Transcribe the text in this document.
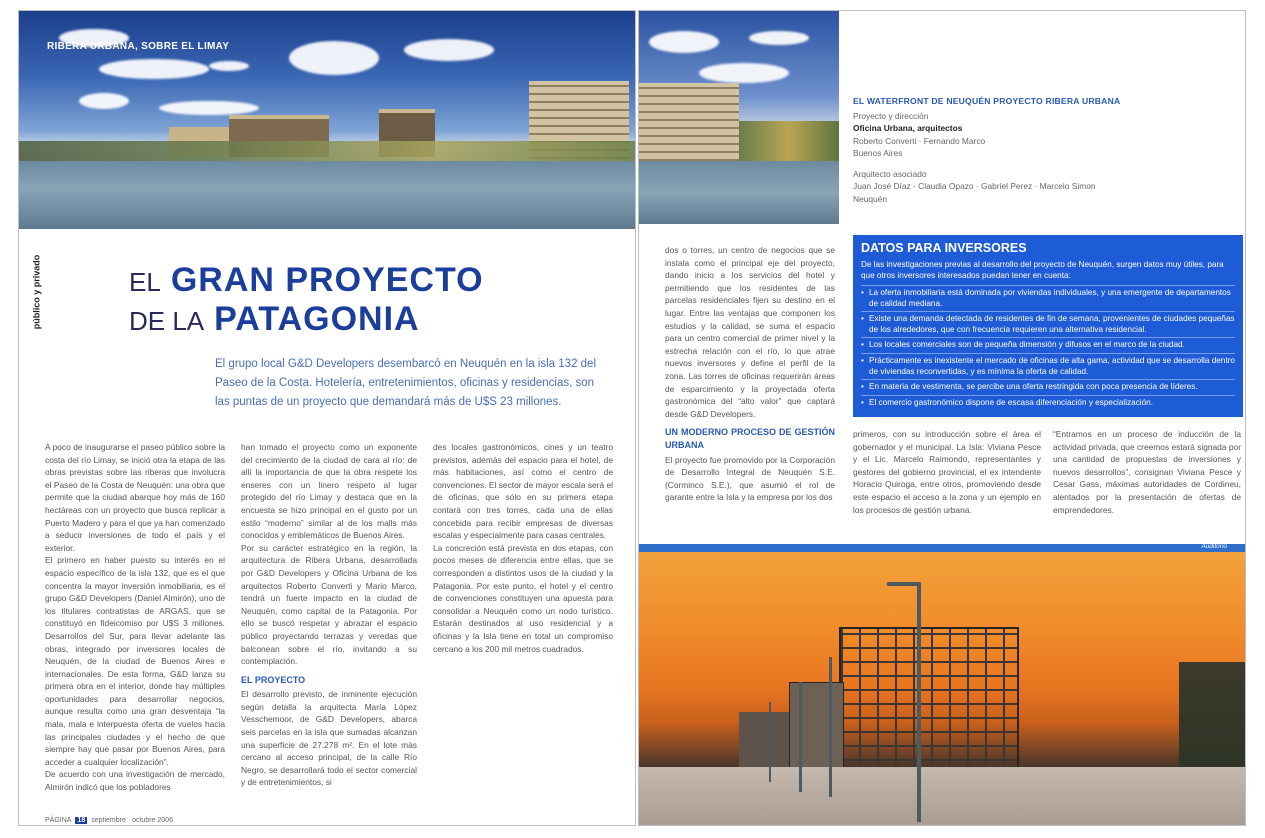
RIBERA URBANA, SOBRE EL LIMAY
público y privado	EL GRAN PROYECTO
DE LA PATAGONIA

El grupo local G&D Developers desembarcó en Neuquén en la isla 132 del Paseo de la Costa. Hotelería, entretenimientos, oficinas y residencias, son las puntas de un proyecto que demandará más de U$S 23 millones.

A poco de inaugurarse el paseo público sobre la costa del río Limay, se inició otra la etapa de las obras previstas sobre las riberas que involucra el Paseo de la Costa de Neuquén: una obra que permite que la ciudad abarque hoy más de 160 hectáreas con un proyecto que busca replicar a Puerto Madero y para el que ya han comenzado a seducir inversiones de todo el país y el exterior.

El primero en haber puesto su interés en el espacio específico de la isla 132, que es el que concentra la mayor inversión inmobiliaria, es el grupo G&D Developers (Daniel Almirón), uno de los titulares contratistas de ARGAS, que se constituyó en fideicomiso por U$S 3 millones. Desarrollos del Sur, para llevar adelante las obras, integrado por inversores locales de Neuquén, de la ciudad de Buenos Aires e internacionales. De esta forma, G&D lanza su primera obra en el interior, donde hay múltiples oportunidades para desarrollar negocios, aunque resulta como una gran desventaja “la mala, mala e interpuesta oferta de vuelos hacia las principales ciudades y el hecho de que siempre hay que pasar por Buenos Aires, para acceder a cualquier localización”.

De acuerdo con una investigación de mercado, Almirón indicó que los pobladores

han tomado el proyecto como un exponente del crecimiento de la ciudad de cara al río: de allí la importancia de que la obra respete los enseres con un linero respeto al lugar protegido del río Limay y destaca que en la encuesta se hizo principal en el gusto por un estilo “moderno” similar al de los malls más conocidos y emblemáticos de Buenos Aires.

Por su carácter estratégico en la región, la arquitectura de Ribera Urbana, desarrollada por G&D Developers y Oficina Urbana de los arquitectos Roberto Converti y Mario Marco, tendrá un fuerte impacto en la ciudad de Neuquén, como capital de la Patagonia. Por ello se buscó respetar y abrazar el espacio público proyectando terrazas y veredas que balconean sobre el río, invitando a su contemplación.

EL PROYECTO

El desarrollo previsto, de inminente ejecución según detalla la arquitecta María López Vesschemoor, de G&D Developers, abarca seis parcelas en la isla que sumadas alcanzan una superficie de 27.278 m². En el lote más cercano al acceso principal, de la calle Río Negro, se desarrollará todo el sector comercial y de entretenimientos, si

des locales gastronómicos, cines y un teatro previstos, además del espacio para el hotel, de más habitaciones, así como el centro de convenciones. El sector de mayor escala será el de oficinas, que sólo en su primera etapa contará con tres torres, cada una de ellas concebida para recibir empresas de diversas escalas y especialmente para casas centrales.

La concreción está prevista en dos etapas, con pocos meses de diferencia entre ellas, que se corresponden a distintos usos de la ciudad y la Patagonia. Por este punto, el hotel y el centro de convenciones constituyen una apuesta para consolidar a Neuquén como un nodo turístico. Estarán destinados al uso residencial y a oficinas y la Isla tiene en total un compromiso cercano a los 200 mil metros cuadrados.

PÁGINA 18 septiembre · octubre 2006
EL WATERFRONT DE NEUQUÉN PROYECTO RIBERA URBANA
Proyecto y dirección
Oficina Urbana, arquitectos
Roberto Converti · Fernando Marco
Buenos Aires
Arquitecto asociado
Juan José Díaz · Claudia Opazo · Gabriel Perez · Marcelo Simon
Neuquén

dos o torres, un centro de negocios que se instala como el principal eje del proyecto, dando inicio a los servicios del hotel y permitiendo que los residentes de las parcelas residenciales fijen su destino en el lugar. Entre las ventajas que componen los estudios y la calidad, se suma el espacio para un centro comercial de primer nivel y la estrecha relación con el río, lo que atrae nuevos inversores y define el perfil de la zona. Las torres de oficinas requerirán áreas de esparcimiento y la proyectada oferta gastronómica del “alto valor” que captará desde G&D Developers.

UN MODERNO PROCESO DE GESTIÓN URBANA

El proyecto fue promovido por la Corporación de Desarrollo Integral de Neuquén S.E. (Corminco S.E.), que asumió el rol de garante entre la Isla y la empresa por los dos

DATOS PARA INVERSORES
De las investigaciones previas al desarrollo del proyecto de Neuquén, surgen datos muy útiles, para que otros inversores interesados puedan tener en cuenta:
• La oferta inmobiliaria está dominada por viviendas individuales, y una emergente de departamentos de calidad mediana.
• Existe una demanda detectada de residentes de fin de semana, provenientes de ciudades pequeñas de los alrededores, que con frecuencia requieren una alternativa residencial.
• Los locales comerciales son de pequeña dimensión y difusos en el marco de la ciudad.
• Prácticamente es inexistente el mercado de oficinas de alta gama, actividad que se desarrolla dentro de viviendas reconvertidas, y es mínima la oferta de calidad.
• En materia de vestimenta, se percibe una oferta restringida con poca presencia de líderes.
• El comercio gastronómico dispone de escasa diferenciación y especialización.

primeros, con su introducción sobre el área el gobernador y el municipal. La Isla: Viviana Pesce y el Lic. Marcelo Raimondo, representantes y gestores del gobierno provincial, el ex intendente Horacio Quiroga, entre otros, promoviendo desde este espacio el acceso a la zona y un ejemplo en los procesos de gestión urbana.

“Entramos en un proceso de inducción de la actividad privada, que creemos estará signada por una cantidad de propuestas de inversiones y nuevos desarrollos”, consignan Viviana Pesce y Cesar Gass, máximas autoridades de Cordineu, alentados por la presentación de ofertas de emprendedores.

Auditorio
